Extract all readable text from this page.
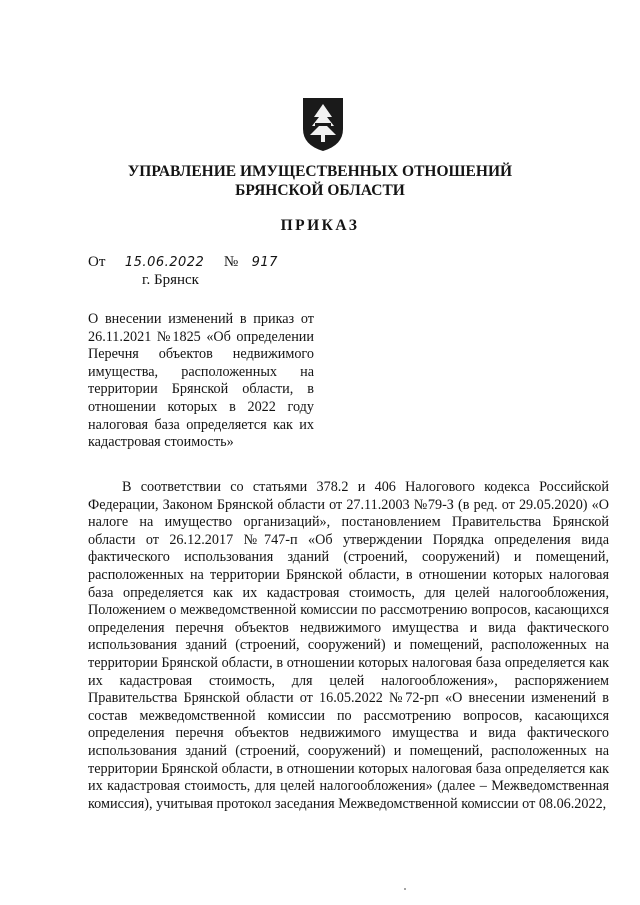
УПРАВЛЕНИЕ ИМУЩЕСТВЕННЫХ ОТНОШЕНИЙ
БРЯНСКОЙ ОБЛАСТИ
ПРИКАЗ
От 15.06.2022 № 917
г. Брянск
О внесении изменений в приказ от 26.11.2021 №1825 «Об определении Перечня объектов недвижимого имущества, расположенных на территории Брянской области, в отношении которых в 2022 году налоговая база определяется как их кадастровая стоимость»
В соответствии со статьями 378.2 и 406 Налогового кодекса Российской Федерации, Законом Брянской области от 27.11.2003 №79-З (в ред. от 29.05.2020) «О налоге на имущество организаций», постановлением Правительства Брянской области от 26.12.2017 №747-п «Об утверждении Порядка определения вида фактического использования зданий (строений, сооружений) и помещений, расположенных на территории Брянской области, в отношении которых налоговая база определяется как их кадастровая стоимость, для целей налогообложения, Положением о межведомственной комиссии по рассмотрению вопросов, касающихся определения перечня объектов недвижимого имущества и вида фактического использования зданий (строений, сооружений) и помещений, расположенных на территории Брянской области, в отношении которых налоговая база определяется как их кадастровая стоимость, для целей налогообложения», распоряжением Правительства Брянской области от 16.05.2022 №72-рп «О внесении изменений в состав межведомственной комиссии по рассмотрению вопросов, касающихся определения перечня объектов недвижимого имущества и вида фактического использования зданий (строений, сооружений) и помещений, расположенных на территории Брянской области, в отношении которых налоговая база определяется как их кадастровая стоимость, для целей налогообложения» (далее – Межведомственная комиссия), учитывая протокол заседания Межведомственной комиссии от 08.06.2022,
